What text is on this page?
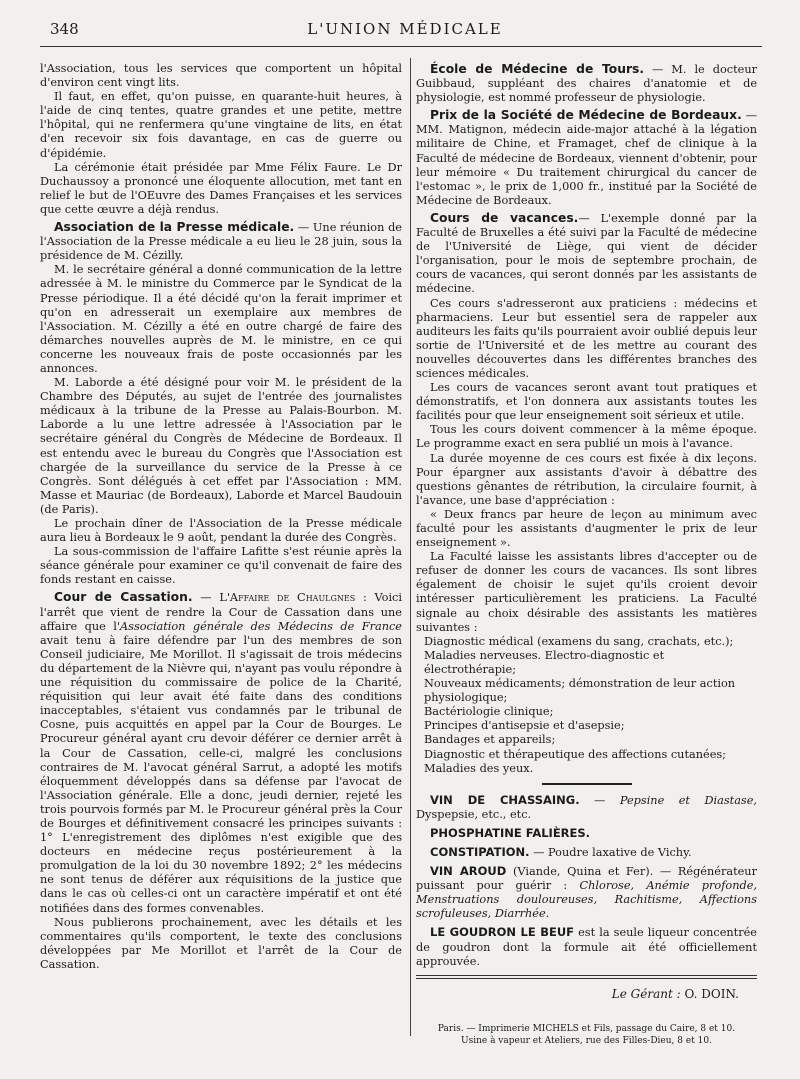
348	L'UNION MÉDICALE

l'Association, tous les services que comportent un hôpital d'environ cent vingt lits.

Il faut, en effet, qu'on puisse, en quarante-huit heures, à l'aide de cinq tentes, quatre grandes et une petite, mettre l'hôpital, qui ne renfermera qu'une vingtaine de lits, en état d'en recevoir six fois davantage, en cas de guerre ou d'épidémie.

La cérémonie était présidée par Mme Félix Faure. Le Dr Duchaussoy a prononcé une éloquente allocution, met tant en relief le but de l'OEuvre des Dames Françaises et les services que cette œuvre a déjà rendus.

Association de la Presse médicale. — Une réunion de l'Association de la Presse médicale a eu lieu le 28 juin, sous la présidence de M. Cézilly.

M. le secrétaire général a donné communication de la lettre adressée à M. le ministre du Commerce par le Syndicat de la Presse périodique. Il a été décidé qu'on la ferait imprimer et qu'on en adresserait un exemplaire aux membres de l'Association. M. Cézilly a été en outre chargé de faire des démarches nouvelles auprès de M. le ministre, en ce qui concerne les nouveaux frais de poste occasionnés par les annonces.

M. Laborde a été désigné pour voir M. le président de la Chambre des Députés, au sujet de l'entrée des journalistes médicaux à la tribune de la Presse au Palais-Bourbon. M. Laborde a lu une lettre adressée à l'Association par le secrétaire général du Congrès de Médecine de Bordeaux. Il est entendu avec le bureau du Congrès que l'Association est chargée de la surveillance du service de la Presse à ce Congrès. Sont délégués à cet effet par l'Association : MM. Masse et Mauriac (de Bordeaux), Laborde et Marcel Baudouin (de Paris).

Le prochain dîner de l'Association de la Presse médicale aura lieu à Bordeaux le 9 août, pendant la durée des Congrès.

La sous-commission de l'affaire Lafitte s'est réunie après la séance générale pour examiner ce qu'il convenait de faire des fonds restant en caisse.

Cour de Cassation. — L'Affaire de Chaulgnes : Voici l'arrêt que vient de rendre la Cour de Cassation dans une affaire que l'Association générale des Médecins de France avait tenu à faire défendre par l'un des membres de son Conseil judiciaire, Me Morillot. Il s'agissait de trois médecins du département de la Nièvre qui, n'ayant pas voulu répondre à une réquisition du commissaire de police de la Charité, réquisition qui leur avait été faite dans des conditions inacceptables, s'étaient vus condamnés par le tribunal de Cosne, puis acquittés en appel par la Cour de Bourges. Le Procureur général ayant cru devoir déférer ce dernier arrêt à la Cour de Cassation, celle-ci, malgré les conclusions contraires de M. l'avocat général Sarrut, a adopté les motifs éloquemment développés dans sa défense par l'avocat de l'Association générale. Elle a donc, jeudi dernier, rejeté les trois pourvois formés par M. le Procureur général près la Cour de Bourges et définitivement consacré les principes suivants : 1° L'enregistrement des diplômes n'est exigible que des docteurs en médecine reçus postérieurement à la promulgation de la loi du 30 novembre 1892; 2° les médecins ne sont tenus de déférer aux réquisitions de la justice que dans le cas où celles-ci ont un caractère impératif et ont été notifiées dans des formes convenables.

Nous publierons prochainement, avec les détails et les commentaires qu'ils comportent, le texte des conclusions développées par Me Morillot et l'arrêt de la Cour de Cassation.

École de Médecine de Tours. — M. le docteur Guibbaud, suppléant des chaires d'anatomie et de physiologie, est nommé professeur de physiologie.

Prix de la Société de Médecine de Bordeaux. — MM. Matignon, médecin aide-major attaché à la légation militaire de Chine, et Framaget, chef de clinique à la Faculté de médecine de Bordeaux, viennent d'obtenir, pour leur mémoire « Du traitement chirurgical du cancer de l'estomac », le prix de 1,000 fr., institué par la Société de Médecine de Bordeaux.

Cours de vacances.— L'exemple donné par la Faculté de Bruxelles a été suivi par la Faculté de médecine de l'Université de Liège, qui vient de décider l'organisation, pour le mois de septembre prochain, de cours de vacances, qui seront donnés par les assistants de médecine.

Ces cours s'adresseront aux praticiens : médecins et pharmaciens. Leur but essentiel sera de rappeler aux auditeurs les faits qu'ils pourraient avoir oublié depuis leur sortie de l'Université et de les mettre au courant des nouvelles découvertes dans les différentes branches des sciences médicales.

Les cours de vacances seront avant tout pratiques et démonstratifs, et l'on donnera aux assistants toutes les facilités pour que leur enseignement soit sérieux et utile.

Tous les cours doivent commencer à la même époque. Le programme exact en sera publié un mois à l'avance.

La durée moyenne de ces cours est fixée à dix leçons. Pour épargner aux assistants d'avoir à débattre des questions gênantes de rétribution, la circulaire fournit, à l'avance, une base d'appréciation :

« Deux francs par heure de leçon au minimum avec faculté pour les assistants d'augmenter le prix de leur enseignement ».

La Faculté laisse les assistants libres d'accepter ou de refuser de donner les cours de vacances. Ils sont libres également de choisir le sujet qu'ils croient devoir intéresser particulièrement les praticiens. La Faculté signale au choix désirable des assistants les matières suivantes :

Diagnostic médical (examens du sang, crachats, etc.);

Maladies nerveuses. Electro-diagnostic et électrothérapie;

Nouveaux médicaments; démonstration de leur action physiologique;

Bactériologie clinique;

Principes d'antisepsie et d'asepsie;

Bandages et appareils;

Diagnostic et thérapeutique des affections cutanées;

Maladies des yeux.

VIN DE CHASSAING. — Pepsine et Diastase, Dyspepsie, etc., etc.

PHOSPHATINE FALIÈRES.

CONSTIPATION. — Poudre laxative de Vichy.

VIN AROUD (Viande, Quina et Fer). — Régénérateur puissant pour guérir : Chlorose, Anémie profonde, Menstruations douloureuses, Rachitisme, Affections scrofuleuses, Diarrhée.

LE GOUDRON LE BEUF est la seule liqueur concentrée de goudron dont la formule ait été officiellement approuvée.

Le Gérant : O. DOIN.
Paris. — Imprimerie MICHELS et Fils, passage du Caire, 8 et 10.
Usine à vapeur et Ateliers, rue des Filles-Dieu, 8 et 10.
